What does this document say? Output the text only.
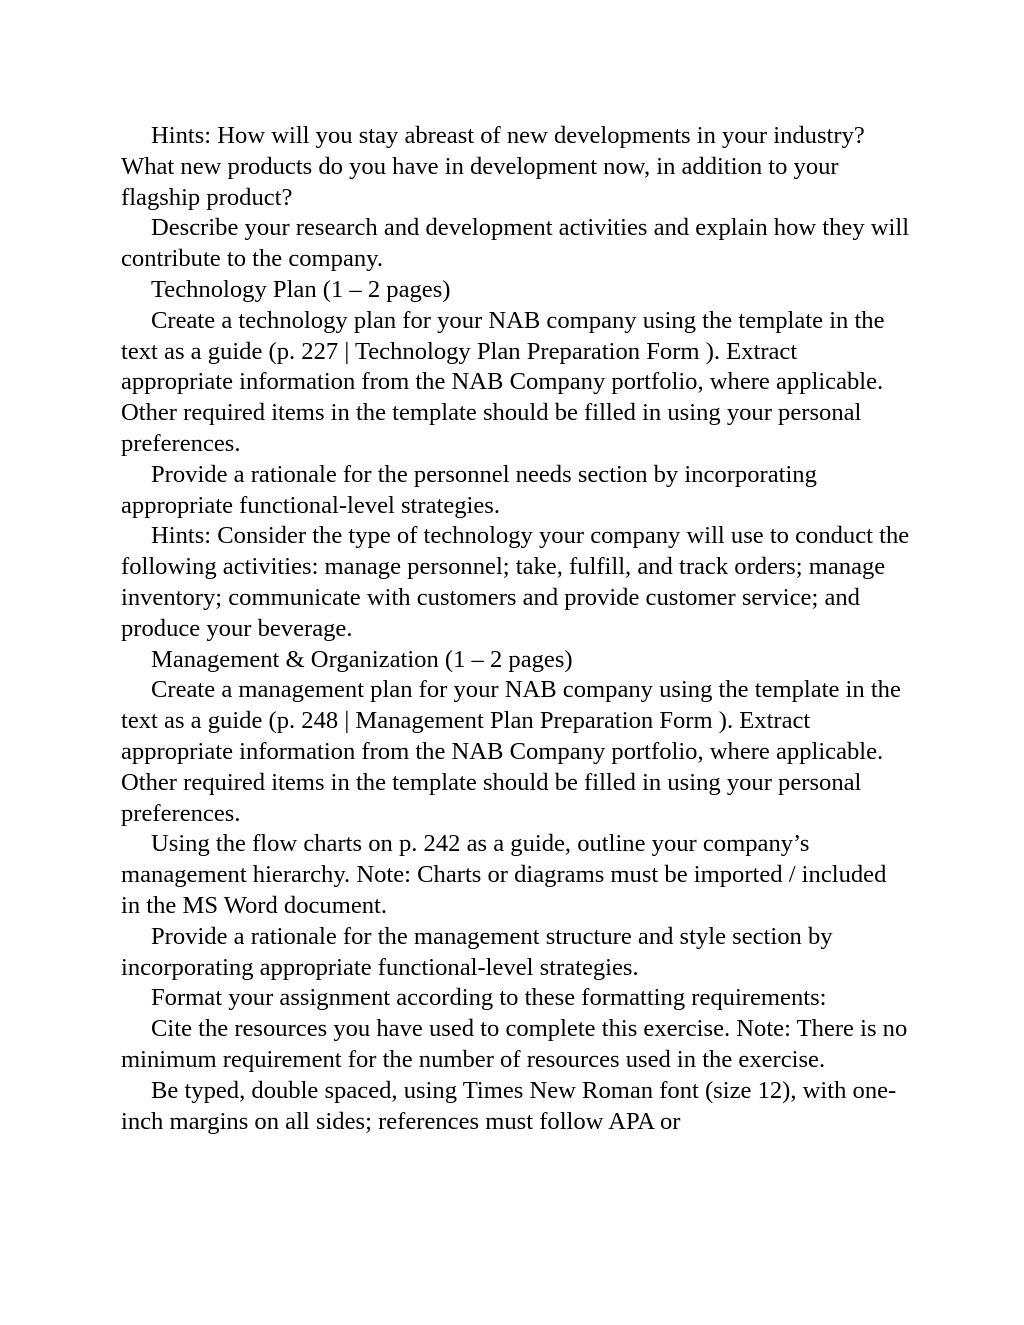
Hints: How will you stay abreast of new developments in your industry? What new products do you have in development now, in addition to your flagship product?

Describe your research and development activities and explain how they will contribute to the company.

Technology Plan (1 – 2 pages)

Create a technology plan for your NAB company using the template in the text as a guide (p. 227 | Technology Plan Preparation Form ). Extract appropriate information from the NAB Company portfolio, where applicable. Other required items in the template should be filled in using your personal preferences.

Provide a rationale for the personnel needs section by incorporating appropriate functional-level strategies.

Hints: Consider the type of technology your company will use to conduct the following activities: manage personnel; take, fulfill, and track orders; manage inventory; communicate with customers and provide customer service; and produce your beverage.

Management & Organization (1 – 2 pages)

Create a management plan for your NAB company using the template in the text as a guide (p. 248 | Management Plan Preparation Form ). Extract appropriate information from the NAB Company portfolio, where applicable. Other required items in the template should be filled in using your personal preferences.

Using the flow charts on p. 242 as a guide, outline your company’s management hierarchy. Note: Charts or diagrams must be imported / included in the MS Word document.

Provide a rationale for the management structure and style section by incorporating appropriate functional-level strategies.

Format your assignment according to these formatting requirements:

Cite the resources you have used to complete this exercise. Note: There is no minimum requirement for the number of resources used in the exercise.

Be typed, double spaced, using Times New Roman font (size 12), with one-inch margins on all sides; references must follow APA or
